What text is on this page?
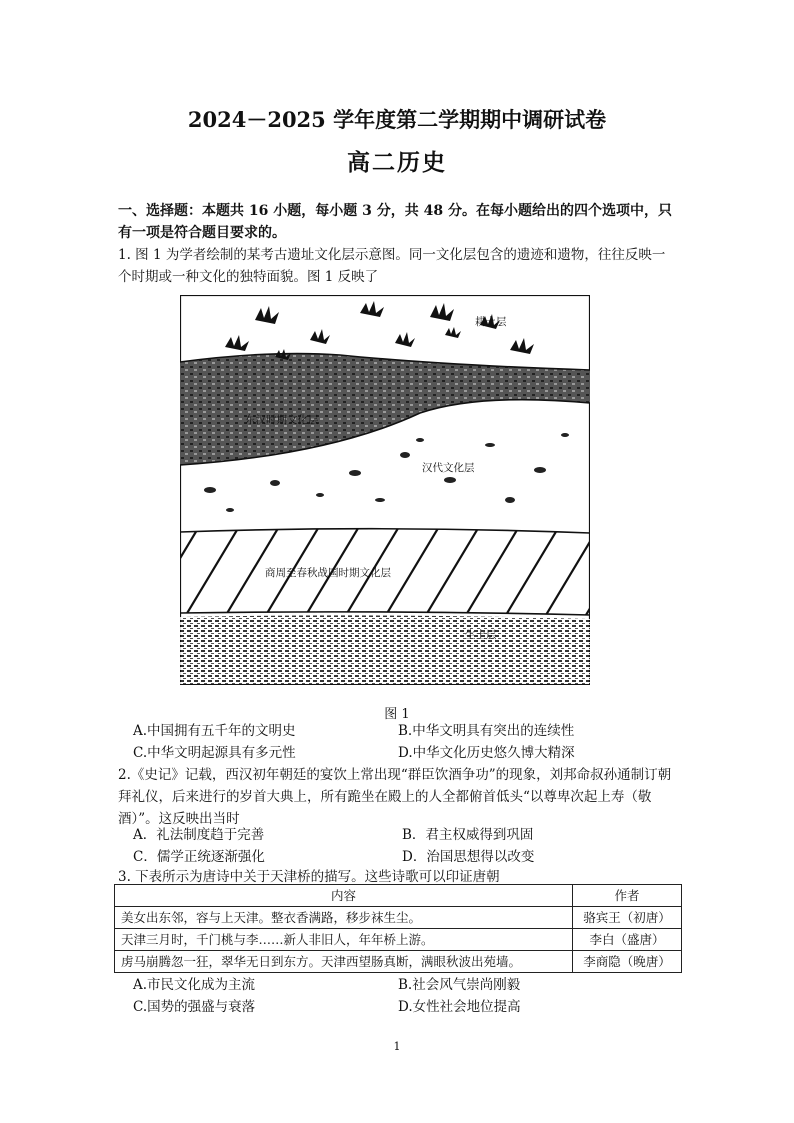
2024－2025 学年度第二学期期中调研试卷
高二历史
一、选择题：本题共 16 小题，每小题 3 分，共 48 分。在每小题给出的四个选项中，只有一项是符合题目要求的。
1. 图 1 为学者绘制的某考古遗址文化层示意图。同一文化层包含的遗迹和遗物，往往反映一个时期或一种文化的独特面貌。图 1 反映了
耕土层
东汉时期文化层
汉代文化层
商周至春秋战国时期文化层
生土层
图 1
A.中国拥有五千年的文明史	B.中华文明具有突出的连续性
C.中华文明起源具有多元性	D.中华文化历史悠久博大精深
2.《史记》记载，西汉初年朝廷的宴饮上常出现“群臣饮酒争功”的现象，刘邦命叔孙通制订朝拜礼仪，后来进行的岁首大典上，所有跪坐在殿上的人全都俯首低头“以尊卑次起上寿（敬酒）”。这反映出当时
A．礼法制度趋于完善	B．君主权威得到巩固
C．儒学正统逐渐强化	D．治国思想得以改变
3. 下表所示为唐诗中关于天津桥的描写。这些诗歌可以印证唐朝
内容	作者
美女出东邻，容与上天津。整衣香满路，移步袜生尘。	骆宾王（初唐）
天津三月时，千门桃与李……新人非旧人，年年桥上游。	李白（盛唐）
虏马崩腾忽一狂，翠华无日到东方。天津西望肠真断，满眼秋波出苑墙。	李商隐（晚唐）
A.市民文化成为主流	B.社会风气崇尚刚毅
C.国势的强盛与衰落	D.女性社会地位提高
1
